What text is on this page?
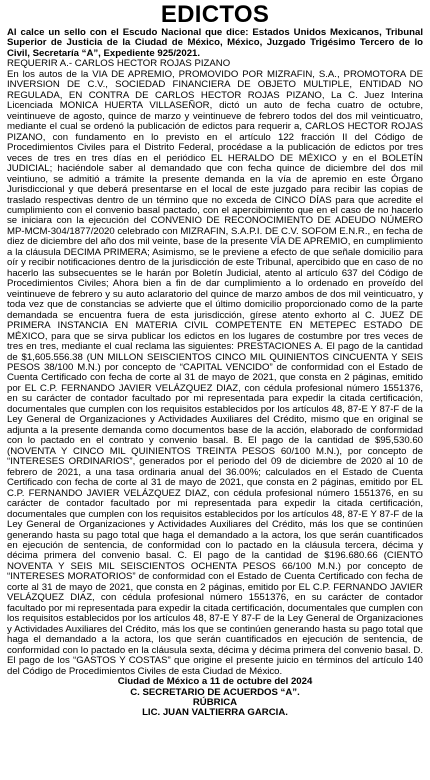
EDICTOS

Al calce un sello con el Escudo Nacional que dice: Estados Unidos Mexicanos, Tribunal Superior de Justicia de la Ciudad de México, México, Juzgado Trigésimo Tercero de lo Civil, Secretaría “A”, Expediente 925/2021.

REQUERIR A.- CARLOS HECTOR ROJAS PIZANO

En los autos de la VIA DE APREMIO, PROMOVIDO POR MIZRAFIN, S.A., PROMOTORA DE INVERSION DE C.V., SOCIEDAD FINANCIERA DE OBJETO MULTIPLE, ENTIDAD NO REGULADA, EN CONTRA DE CARLOS HECTOR ROJAS PIZANO, La C. Juez Interina Licenciada MONICA HUERTA VILLASEÑOR, dictó un auto de fecha cuatro de octubre, veintinueve de agosto, quince de marzo y veintinueve de febrero todos del dos mil veinticuatro, mediante el cual se ordenó la publicación de edictos para requerir a, CARLOS HECTOR ROJAS PIZANO, con fundamento en lo previsto en el artículo 122 fracción II del Código de Procedimientos Civiles para el Distrito Federal, procédase a la publicación de edictos por tres veces de tres en tres días en el periódico EL HERALDO DE MÉXICO y en el BOLETÍN JUDICIAL; haciéndole saber al demandado que con fecha quince de diciembre del dos mil veintiuno, se admitió a trámite la presente demanda en la vía de apremio en este Órgano Jurisdiccional y que deberá presentarse en el local de este juzgado para recibir las copias de traslado respectivas dentro de un término que no exceda de CINCO DÍAS para que acredite el cumplimiento con el convenio basal pactado, con el apercibimiento que en el caso de no hacerlo se iniciara con la ejecución del CONVENIO DE RECONOCIMIENTO DE ADEUDO NÚMERO MP-MCM-304/1877/2020 celebrado con MIZRAFIN, S.A.P.I. DE C.V. SOFOM E.N.R., en fecha de diez de diciembre del año dos mil veinte, base de la presente VÍA DE APREMIO, en cumplimiento a la cláusula DECIMA PRIMERA; Asimismo, se le previene a efecto de que señale domicilio para oír y recibir notificaciones dentro de la jurisdicción de este Tribunal, apercibido que en caso de no hacerlo las subsecuentes se le harán por Boletín Judicial, atento al artículo 637 del Código de Procedimientos Civiles; Ahora bien a fin de dar cumplimiento a lo ordenado en proveído del veintinueve de febrero y su auto aclaratorio del quince de marzo ambos de dos mil veinticuatro, y toda vez que de constancias se advierte que el último domicilio proporcionado como de la parte demandada se encuentra fuera de esta jurisdicción, gírese atento exhorto al C. JUEZ DE PRIMERA INSTANCIA EN MATERIA CIVIL COMPETENTE EN METEPEC ESTADO DE MÉXICO, para que se sirva publicar los edictos en los lugares de costumbre por tres veces de tres en tres, mediante el cual reclama las siguientes: PRESTACIONES A. El pago de la cantidad de $1,605.556.38 (UN MILLON SEISCIENTOS CINCO MIL QUINIENTOS CINCUENTA Y SEIS PESOS 38/100 M.N.) por concepto de “CAPITAL VENCIDO” de conformidad con el Estado de Cuenta Certificado con fecha de corte al 31 de mayo de 2021, que consta en 2 páginas, emitido por EL C.P. FERNANDO JAVIER VELÁZQUEZ DIAZ, con cédula profesional número 1551376, en su carácter de contador facultado por mi representada para expedir la citada certificación, documentales que cumplen con los requisitos establecidos por los artículos 48, 87-E Y 87-F de la Ley General de Organizaciones y Actividades Auxiliares del Crédito, mismo que en original se adjunta a la presente demanda como documentos base de la acción, elaborado de conformidad con lo pactado en el contrato y convenio basal. B. El pago de la cantidad de $95,530.60 (NOVENTA Y CINCO MIL QUINIENTOS TREINTA PESOS 60/100 M.N.), por concepto de “INTERESES ORDINARIOS”, generados por el periodo del 09 de diciembre de 2020 al 10 de febrero de 2021, a una tasa ordinaria anual del 36.00%; calculados en el Estado de Cuenta Certificado con fecha de corte al 31 de mayo de 2021, que consta en 2 páginas, emitido por EL C.P. FERNANDO JAVIER VELÁZQUEZ DIAZ, con cédula profesional número 1551376, en su carácter de contador facultado por mi representada para expedir la citada certificación, documentales que cumplen con los requisitos establecidos por los artículos 48, 87-E Y 87-F de la Ley General de Organizaciones y Actividades Auxiliares del Crédito, más los que se continúen generando hasta su pago total que haga el demandado a la actora, los que serán cuantificados en ejecución de sentencia, de conformidad con lo pactado en la cláusula tercera, décima y décima primera del convenio basal. C. El pago de la cantidad de $196.680.66 (CIENTO NOVENTA Y SEIS MIL SEISCIENTOS OCHENTA PESOS 66/100 M.N.) por concepto de “INTERESES MORATORIOS” de conformidad con el Estado de Cuenta Certificado con fecha de corte al 31 de mayo de 2021, que consta en 2 páginas, emitido por EL C.P. FERNANDO JAVIER VELÁZQUEZ DIAZ, con cédula profesional número 1551376, en su carácter de contador facultado por mi representada para expedir la citada certificación, documentales que cumplen con los requisitos establecidos por los artículos 48, 87-E Y 87-F de la Ley General de Organizaciones y Actividades Auxiliares del Crédito, más los que se continúen generando hasta su pago total que haga el demandado a la actora, los que serán cuantificados en ejecución de sentencia, de conformidad con lo pactado en la cláusula sexta, décima y décima primera del convenio basal. D. El pago de los “GASTOS Y COSTAS” que origine el presente juicio en términos del artículo 140 del Código de Procedimientos Civiles de esta Ciudad de México.

Ciudad de México a 11 de octubre del 2024

C. SECRETARIO DE ACUERDOS “A”.

RÚBRICA

LIC. JUAN VALTIERRA GARCIA.
